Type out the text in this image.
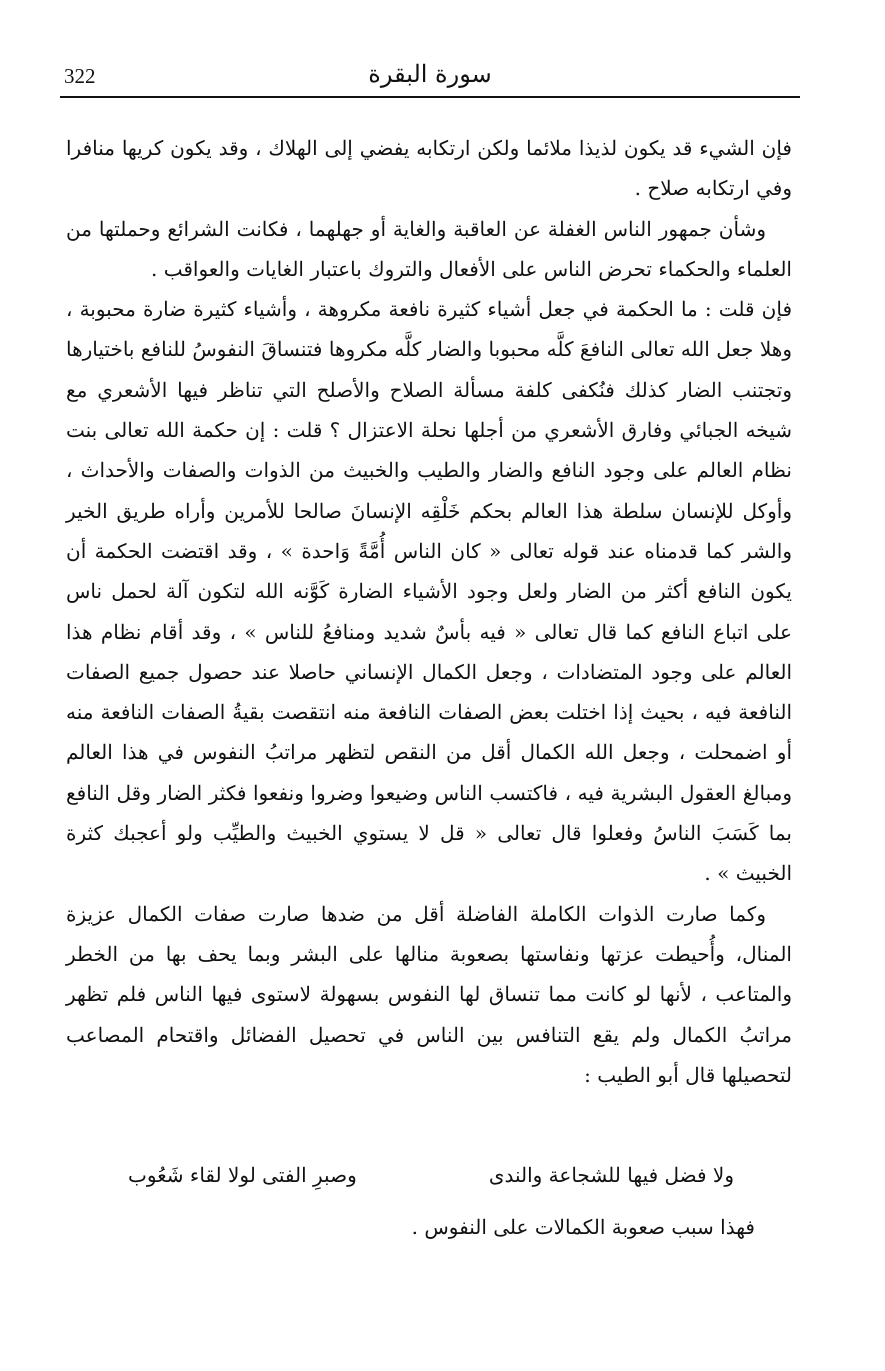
322	سورة البقرة

فإن الشيء قد يكون لذيذا ملائما ولكن ارتكابه يفضي إلى الهلاك ، وقد يكون كريها منافرا وفي ارتكابه صلاح .

وشأن جمهور الناس الغفلة عن العاقبة والغاية أو جهلهما ، فكانت الشرائع وحملتها من العلماء والحكماء تحرض الناس على الأفعال والتروك باعتبار الغايات والعواقب .

فإن قلت : ما الحكمة في جعل أشياء كثيرة نافعة مكروهة ، وأشياء كثيرة ضارة محبوبة ، وهلا جعل الله تعالى النافعَ كلَّه محبوبا والضار كلَّه مكروها فتنساقَ النفوسُ للنافع باختيارها وتجتنب الضار كذلك فنُكفى كلفة مسألة الصلاح والأصلح التي تناظر فيها الأشعري مع شيخه الجبائي وفارق الأشعري من أجلها نحلة الاعتزال ؟ قلت : إن حكمة الله تعالى بنت نظام العالم على وجود النافع والضار والطيب والخبيث من الذوات والصفات والأحداث ، وأوكل للإنسان سلطة هذا العالم بحكم خَلْقِه الإنسانَ صالحا للأمرين وأراه طريق الخير والشر كما قدمناه عند قوله تعالى « كان الناس أُمَّةً وَاحدة » ، وقد اقتضت الحكمة أن يكون النافع أكثر من الضار ولعل وجود الأشياء الضارة كَوَّنه الله لتكون آلة لحمل ناس على اتباع النافع كما قال تعالى « فيه بأسٌ شديد ومنافعُ للناس » ، وقد أقام نظام هذا العالم على وجود المتضادات ، وجعل الكمال الإنساني حاصلا عند حصول جميع الصفات النافعة فيه ، بحيث إذا اختلت بعض الصفات النافعة منه انتقصت بقيةُ الصفات النافعة منه أو اضمحلت ، وجعل الله الكمال أقل من النقص لتظهر مراتبُ النفوس في هذا العالم ومبالغ العقول البشرية فيه ، فاكتسب الناس وضيعوا وضروا ونفعوا فكثر الضار وقل النافع بما كَسَبَ الناسُ وفعلوا قال تعالى « قل لا يستوي الخبيث والطيِّب ولو أعجبك كثرة الخبيث » .

وكما صارت الذوات الكاملة الفاضلة أقل من ضدها صارت صفات الكمال عزيزة المنال، وأُحيطت عزتها ونفاستها بصعوبة منالها على البشر وبما يحف بها من الخطر والمتاعب ، لأنها لو كانت مما تنساق لها النفوس بسهولة لاستوى فيها الناس فلم تظهر مراتبُ الكمال ولم يقع التنافس بين الناس في تحصيل الفضائل واقتحام المصاعب لتحصيلها قال أبو الطيب :

ولا فضل فيها للشجاعة والندى
وصبرِ الفتى لولا لقاء شَعُوب
فهذا سبب صعوبة الكمالات على النفوس .
